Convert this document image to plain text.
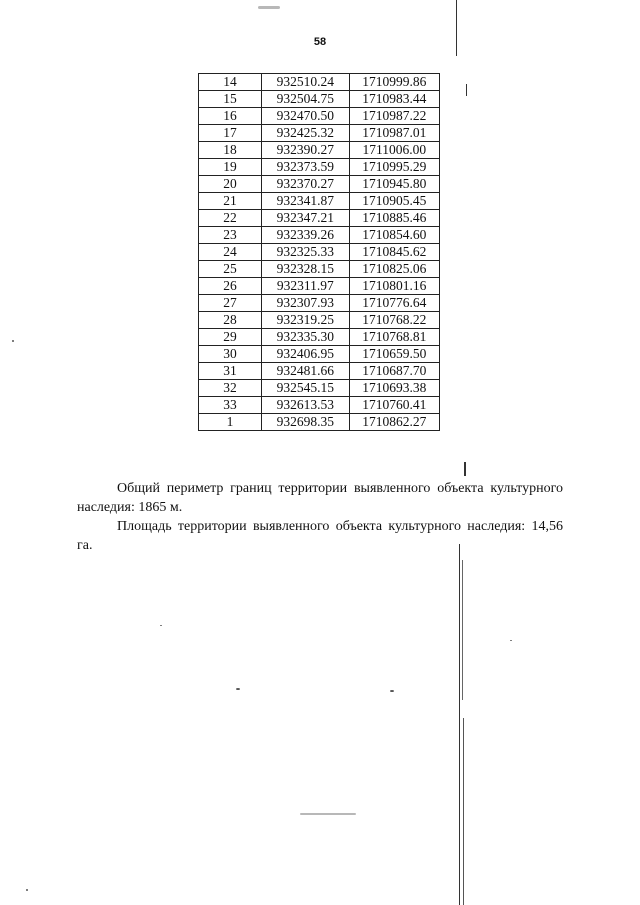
58
14	932510.24	1710999.86
15	932504.75	1710983.44
16	932470.50	1710987.22
17	932425.32	1710987.01
18	932390.27	1711006.00
19	932373.59	1710995.29
20	932370.27	1710945.80
21	932341.87	1710905.45
22	932347.21	1710885.46
23	932339.26	1710854.60
24	932325.33	1710845.62
25	932328.15	1710825.06
26	932311.97	1710801.16
27	932307.93	1710776.64
28	932319.25	1710768.22
29	932335.30	1710768.81
30	932406.95	1710659.50
31	932481.66	1710687.70
32	932545.15	1710693.38
33	932613.53	1710760.41
1	932698.35	1710862.27

Общий периметр границ территории выявленного объекта культурного наследия: 1865 м.

Площадь территории выявленного объекта культурного наследия: 14,56 га.
